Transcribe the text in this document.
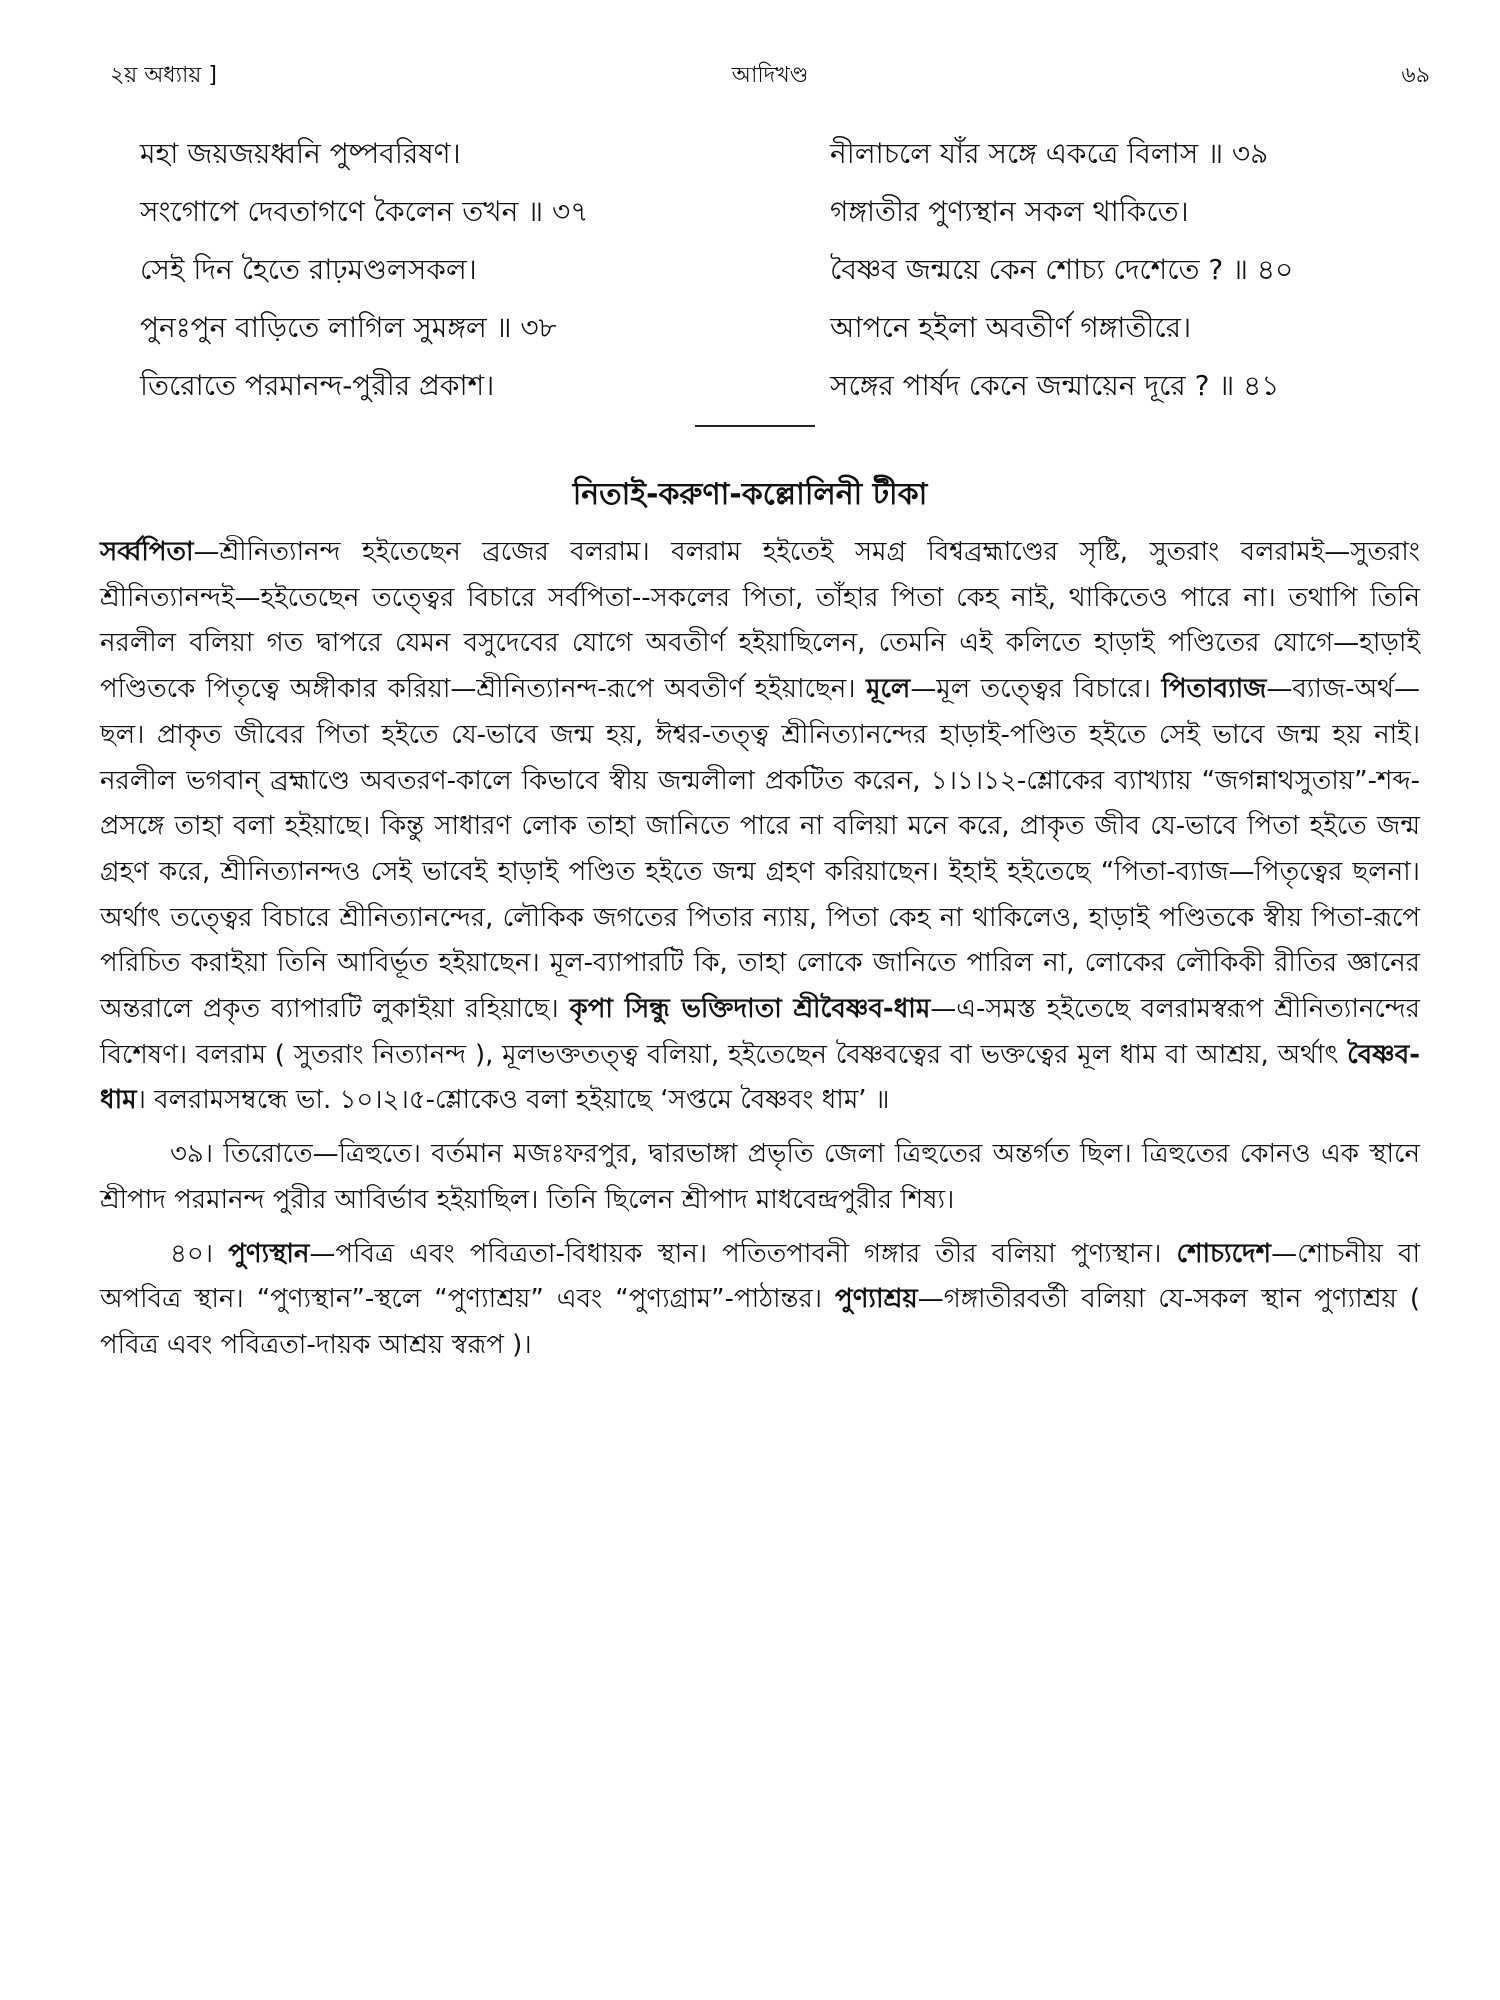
২য় অধ্যায় ]	আদিখণ্ড	৬৯
মহা জয়জয়ধ্বনি পুষ্পবরিষণ।
সংগোপে দেবতাগণে কৈলেন তখন ॥ ৩৭
সেই দিন হৈতে রাঢ়মণ্ডলসকল।
পুনঃপুন বাড়িতে লাগিল সুমঙ্গল ॥ ৩৮
তিরোতে পরমানন্দ-পুরীর প্রকাশ।
নীলাচলে যাঁর সঙ্গে একত্রে বিলাস ॥ ৩৯
গঙ্গাতীর পুণ্যস্থান সকল থাকিতে।
বৈষ্ণব জন্ময়ে কেন শোচ্য দেশেতে ? ॥ ৪০
আপনে হইলা অবতীর্ণ গঙ্গাতীরে।
সঙ্গের পার্ষদ কেনে জন্মায়েন দূরে ? ॥ ৪১
নিতাই-করুণা-কল্লোলিনী টীকা

সর্ব্বপিতা—শ্রীনিত্যানন্দ হইতেছেন ব্রজের বলরাম। বলরাম হইতেই সমগ্র বিশ্বব্রহ্মাণ্ডের সৃষ্টি, সুতরাং বলরামই—সুতরাং শ্রীনিত্যানন্দই—হইতেছেন তত্ত্বের বিচারে সর্বপিতা--সকলের পিতা, তাঁহার পিতা কেহ নাই, থাকিতেও পারে না। তথাপি তিনি নরলীল বলিয়া গত দ্বাপরে যেমন বসুদেবের যোগে অবতীর্ণ হইয়াছিলেন, তেমনি এই কলিতে হাড়াই পণ্ডিতের যোগে—হাড়াই পণ্ডিতকে পিতৃত্বে অঙ্গীকার করিয়া—শ্রীনিত্যানন্দ-রূপে অবতীর্ণ হইয়াছেন। মূলে—মূল তত্ত্বের বিচারে। পিতাব্যাজ—ব্যাজ-অর্থ—ছল। প্রাকৃত জীবের পিতা হইতে যে-ভাবে জন্ম হয়, ঈশ্বর-তত্ত্ব শ্রীনিত্যানন্দের হাড়াই-পণ্ডিত হইতে সেই ভাবে জন্ম হয় নাই। নরলীল ভগবান্ ব্রহ্মাণ্ডে অবতরণ-কালে কিভাবে স্বীয় জন্মলীলা প্রকটিত করেন, ১।১।১২-শ্লোকের ব্যাখ্যায় “জগন্নাথসুতায়”-শব্দ-প্রসঙ্গে তাহা বলা হইয়াছে। কিন্তু সাধারণ লোক তাহা জানিতে পারে না বলিয়া মনে করে, প্রাকৃত জীব যে-ভাবে পিতা হইতে জন্ম গ্রহণ করে, শ্রীনিত্যানন্দও সেই ভাবেই হাড়াই পণ্ডিত হইতে জন্ম গ্রহণ করিয়াছেন। ইহাই হইতেছে “পিতা-ব্যাজ—পিতৃত্বের ছলনা। অর্থাৎ তত্ত্বের বিচারে শ্রীনিত্যানন্দের, লৌকিক জগতের পিতার ন্যায়, পিতা কেহ না থাকিলেও, হাড়াই পণ্ডিতকে স্বীয় পিতা-রূপে পরিচিত করাইয়া তিনি আবির্ভূত হইয়াছেন। মূল-ব্যাপারটি কি, তাহা লোকে জানিতে পারিল না, লোকের লৌকিকী রীতির জ্ঞানের অন্তরালে প্রকৃত ব্যাপারটি লুকাইয়া রহিয়াছে। কৃপা সিন্ধু ভক্তিদাতা শ্রীবৈষ্ণব-ধাম—এ-সমস্ত হইতেছে বলরামস্বরূপ শ্রীনিত্যানন্দের বিশেষণ। বলরাম ( সুতরাং নিত্যানন্দ ), মূলভক্ততত্ত্ব বলিয়া, হইতেছেন বৈষ্ণবত্বের বা ভক্তত্বের মূল ধাম বা আশ্রয়, অর্থাৎ বৈষ্ণব-ধাম। বলরামসম্বন্ধে ভা. ১০।২।৫-শ্লোকেও বলা হইয়াছে ‘সপ্তমে বৈষ্ণবং ধাম’ ॥

৩৯। তিরোতে—ত্রিহুতে। বর্তমান মজঃফরপুর, দ্বারভাঙ্গা প্রভৃতি জেলা ত্রিহুতের অন্তর্গত ছিল। ত্রিহুতের কোনও এক স্থানে শ্রীপাদ পরমানন্দ পুরীর আবির্ভাব হইয়াছিল। তিনি ছিলেন শ্রীপাদ মাধবেন্দ্রপুরীর শিষ্য।

৪০। পুণ্যস্থান—পবিত্র এবং পবিত্রতা-বিধায়ক স্থান। পতিতপাবনী গঙ্গার তীর বলিয়া পুণ্যস্থান। শোচ্যদেশ—শোচনীয় বা অপবিত্র স্থান। “পুণ্যস্থান”-স্থলে “পুণ্যাশ্রয়” এবং “পুণ্যগ্রাম”-পাঠান্তর। পুণ্যাশ্রয়—গঙ্গাতীরবর্তী বলিয়া যে-সকল স্থান পুণ্যাশ্রয় ( পবিত্র এবং পবিত্রতা-দায়ক আশ্রয় স্বরূপ )।
